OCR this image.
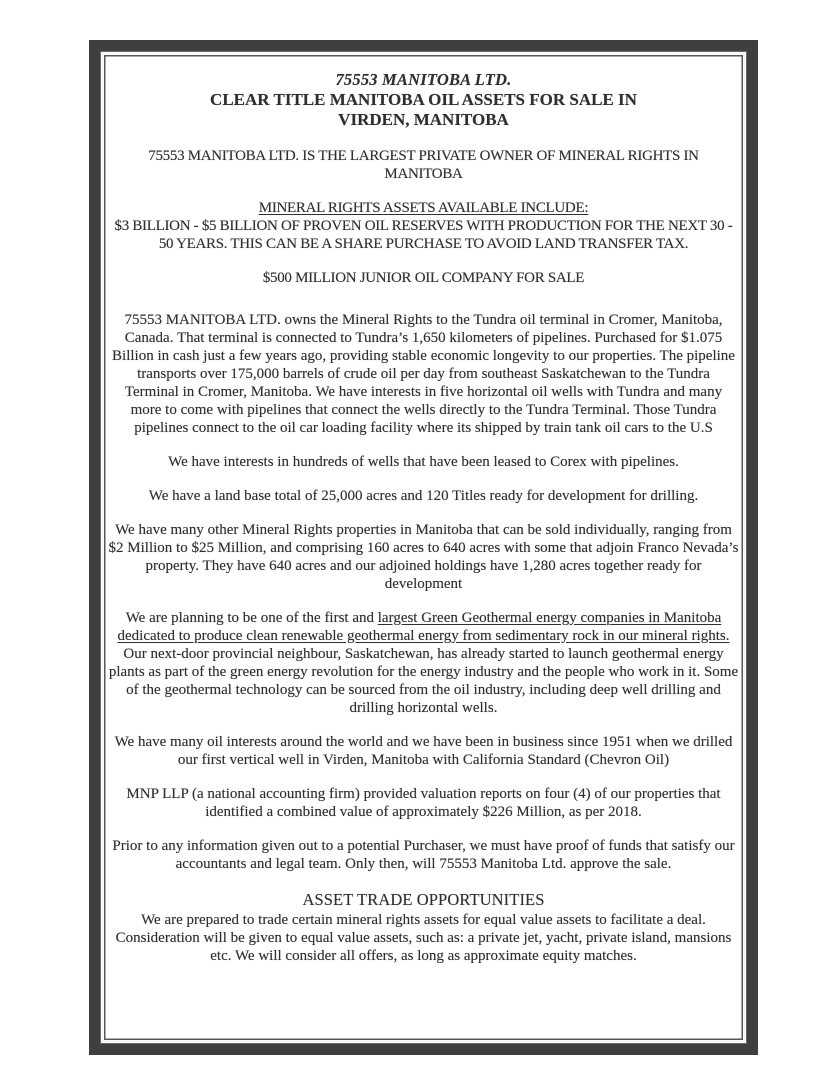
75553 MANITOBA LTD.
CLEAR TITLE MANITOBA OIL ASSETS FOR SALE IN
VIRDEN, MANITOBA

75553 MANITOBA LTD. IS THE LARGEST PRIVATE OWNER OF MINERAL RIGHTS IN MANITOBA

MINERAL RIGHTS ASSETS AVAILABLE INCLUDE:
$3 BILLION - $5 BILLION OF PROVEN OIL RESERVES WITH PRODUCTION FOR THE NEXT 30 - 50 YEARS. THIS CAN BE A SHARE PURCHASE TO AVOID LAND TRANSFER TAX.

$500 MILLION JUNIOR OIL COMPANY FOR SALE

75553 MANITOBA LTD. owns the Mineral Rights to the Tundra oil terminal in Cromer, Manitoba, Canada. That terminal is connected to Tundra’s 1,650 kilometers of pipelines. Purchased for $1.075 Billion in cash just a few years ago, providing stable economic longevity to our properties. The pipeline transports over 175,000 barrels of crude oil per day from southeast Saskatchewan to the Tundra Terminal in Cromer, Manitoba. We have interests in five horizontal oil wells with Tundra and many more to come with pipelines that connect the wells directly to the Tundra Terminal. Those Tundra pipelines connect to the oil car loading facility where its shipped by train tank oil cars to the U.S

We have interests in hundreds of wells that have been leased to Corex with pipelines.

We have a land base total of 25,000 acres and 120 Titles ready for development for drilling.

We have many other Mineral Rights properties in Manitoba that can be sold individually, ranging from $2 Million to $25 Million, and comprising 160 acres to 640 acres with some that adjoin Franco Nevada’s property. They have 640 acres and our adjoined holdings have 1,280 acres together ready for development

We are planning to be one of the first and largest Green Geothermal energy companies in Manitoba dedicated to produce clean renewable geothermal energy from sedimentary rock in our mineral rights. Our next-door provincial neighbour, Saskatchewan, has already started to launch geothermal energy plants as part of the green energy revolution for the energy industry and the people who work in it. Some of the geothermal technology can be sourced from the oil industry, including deep well drilling and drilling horizontal wells.

We have many oil interests around the world and we have been in business since 1951 when we drilled our first vertical well in Virden, Manitoba with California Standard (Chevron Oil)

MNP LLP (a national accounting firm) provided valuation reports on four (4) of our properties that identified a combined value of approximately $226 Million, as per 2018.

Prior to any information given out to a potential Purchaser, we must have proof of funds that satisfy our accountants and legal team. Only then, will 75553 Manitoba Ltd. approve the sale.

ASSET TRADE OPPORTUNITIES
We are prepared to trade certain mineral rights assets for equal value assets to facilitate a deal. Consideration will be given to equal value assets, such as: a private jet, yacht, private island, mansions etc. We will consider all offers, as long as approximate equity matches.
